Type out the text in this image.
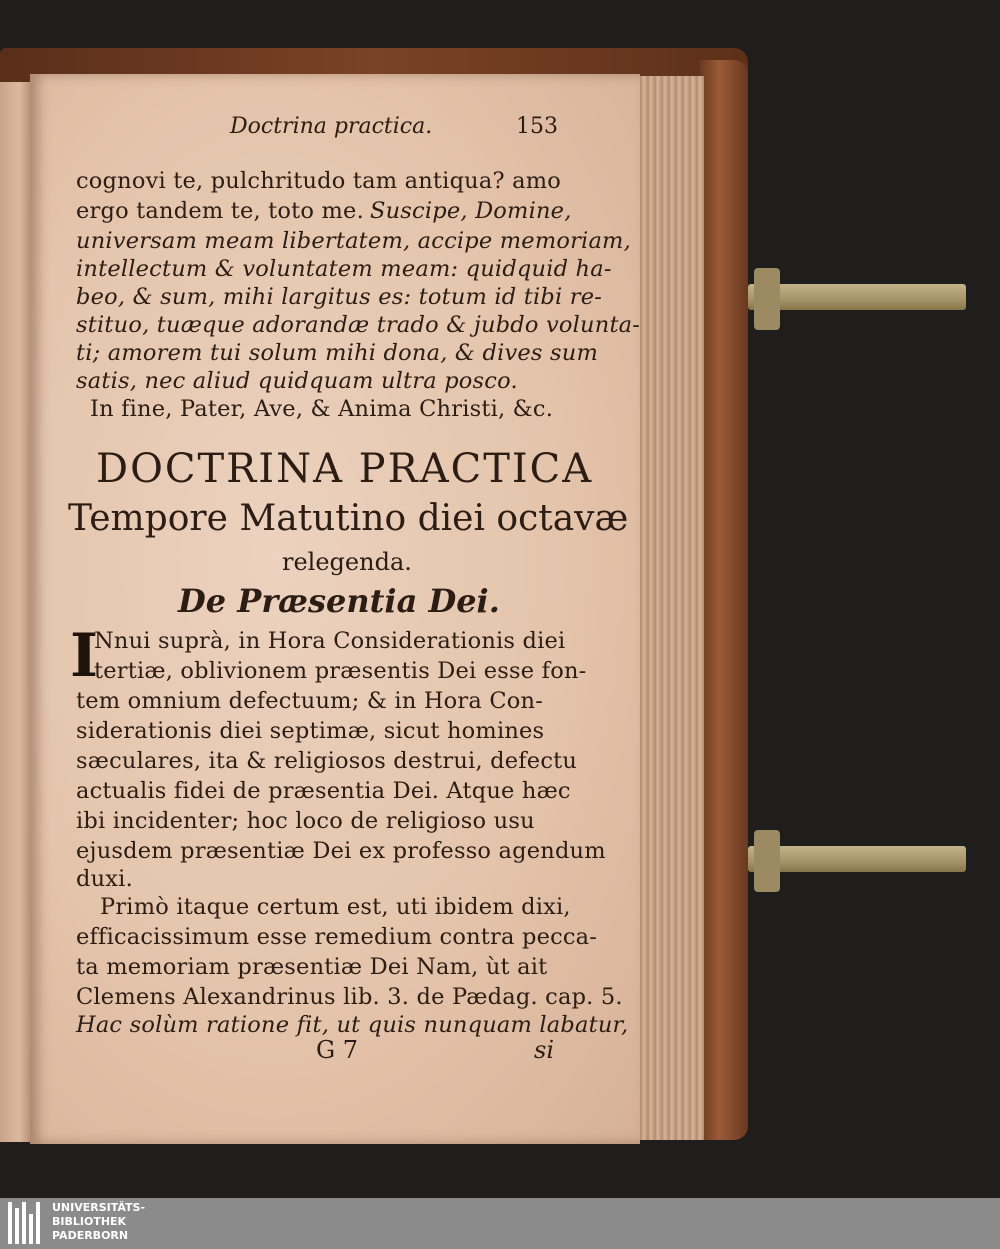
Doctrina practica.	153
cognovi te, pulchritudo tam antiqua? amo
ergo tandem te, toto me. Suscipe, Domine,
universam meam libertatem, accipe memoriam,
intellectum & voluntatem meam: quidquid ha-
beo, & sum, mihi largitus es: totum id tibi re-
stituo, tuæque adorandæ trado & jubdo volunta-
ti; amorem tui solum mihi dona, & dives sum
satis, nec aliud quidquam ultra posco.
In fine, Pater, Ave, & Anima Christi, &c.
DOCTRINA PRACTICA
Tempore Matutino diei octavæ
relegenda.
De Præsentia Dei.
I
Nnui suprà, in Hora Considerationis diei
tertiæ, oblivionem præsentis Dei esse fon-
tem omnium defectuum; & in Hora Con-
siderationis diei septimæ, sicut homines
sæculares, ita & religiosos destrui, defectu
actualis fidei de præsentia Dei. Atque hæc
ibi incidenter; hoc loco de religioso usu
ejusdem præsentiæ Dei ex professo agendum
duxi.
Primò itaque certum est, uti ibidem dixi,
efficacissimum esse remedium contra pecca-
ta memoriam præsentiæ Dei Nam, ùt ait
Clemens Alexandrinus lib. 3. de Pædag. cap. 5.
Hac solùm ratione fit, ut quis nunquam labatur,
G 7	si
UNIVERSITÄTS-
BIBLIOTHEK
PADERBORN
